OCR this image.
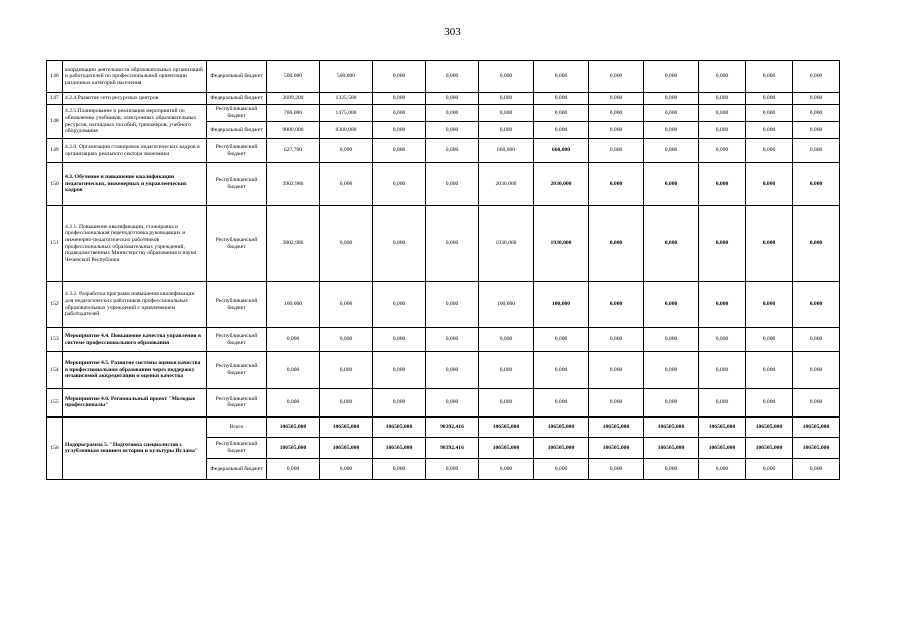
303
146	координации деятельности образовательных организаций и работодателей по профессиональной ориентации различных категорий населения	Федеральный бюджет	500,000	500,000	0,000	0,000	0,000	0,000	0,000	0,000	0,000	0,000	0,000
147	4.2.4.Развитие сети ресурсных центров	Федеральный бюджет	2689,200	1325,500	0,000	0,000	0,000	0,000	0,000	0,000	0,000	0,000	0,000
148	4.2.5.Планирование и реализация мероприятий по обновлению учебников, электронных образовательных ресурсов, наглядных пособий, тренажеров, учебного оборудования	Республиканский бюджет	700,000	1475,000	0,000	0,000	0,000	0,000	0,000	0,000	0,000	0,000	0,000
		Федеральный бюджет	9000,000	8300,000	0,000	0,000	0,000	0,000	0,000	0,000	0,000	0,000	0,000
149	4.2.6. Организация стажировок педагогических кадров в организациях реального сектора экономики	Республиканский бюджет	627,700	0,000	0,000	0,000	660,000	660,000	0,000	0,000	0,000	0,000	0,000
150	4.3. Обучение и повышение квалификации педагогических, инженерных и управленческих кадров	Республиканский бюджет	3902,986	0,000	0,000	0,000	2030,000	2030,000	0,000	0,000	0,000	0,000	0,000
151	4.3.1. Повышение квалификации, стажировка и профессиональная переподготовка руководящих и инженерно-педагогических работников профессиональных образовательных учреждений, подведомственных Министерству образования и науки Чеченской Республики	Республиканский бюджет	3802,986	0,000	0,000	0,000	1930,000	1930,000	0,000	0,000	0,000	0,000	0,000
152	4.3.2. Разработка программ повышения квалификации для педагогических работников профессиональных образовательных учреждений с привлечением работодателей	Республиканский бюджет	100,000	0,000	0,000	0,000	100,000	100,000	0,000	0,000	0,000	0,000	0,000
153	Мероприятие 4.4. Повышение качества управления в системе профессионального образования	Республиканский бюджет	0,000	0,000	0,000	0,000	0,000	0,000	0,000	0,000	0,000	0,000	0,000
154	Мероприятие 4.5. Развитие системы оценки качества в профессиональном образовании через поддержку независимой аккредитации и оценки качества	Республиканский бюджет	0,000	0,000	0,000	0,000	0,000	0,000	0,000	0,000	0,000	0,000	0,000
155	Мероприятие 4.6. Региональный проект "Молодые профессионалы"	Республиканский бюджет	0,000	0,000	0,000	0,000	0,000	0,000	0,000	0,000	0,000	0,000	0,000
156	Подпрограмма 5. "Подготовка специалистов с углубленным знанием истории и культуры Ислама"	Всего	106505,000	106505,000	106505,000	98392,416	106505,000	106505,000	106505,000	106505,000	106505,000	106505,000	106505,000
		Республиканский бюджет	106505,000	106505,000	106505,000	98392,416	106505,000	106505,000	106505,000	106505,000	106505,000	106505,000	106505,000
		Федеральный бюджет	0,000	0,000	0,000	0,000	0,000	0,000	0,000	0,000	0,000	0,000	0,000
